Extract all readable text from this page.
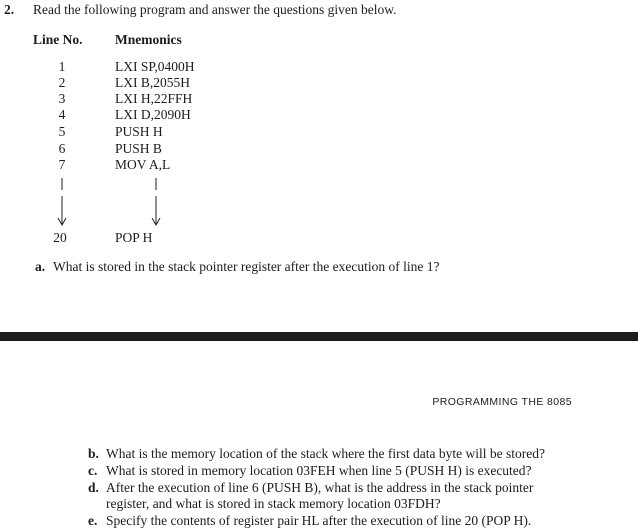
2. Read the following program and answer the questions given below.
Line No. Mnemonics
1	LXI SP,0400H
2	LXI B,2055H
3	LXI H,22FFH
4	LXI D,2090H
5	PUSH H
6	PUSH B
7	MOV A,L
20	POP H
a. What is stored in the stack pointer register after the execution of line 1?
PROGRAMMING THE 8085
b. What is the memory location of the stack where the first data byte will be stored?
c. What is stored in memory location 03FEH when line 5 (PUSH H) is executed?
d. After the execution of line 6 (PUSH B), what is the address in the stack pointer
register, and what is stored in stack memory location 03FDH?
e. Specify the contents of register pair HL after the execution of line 20 (POP H).
